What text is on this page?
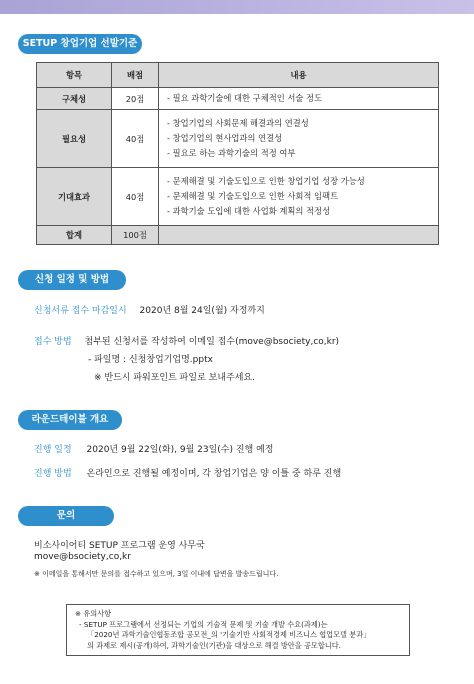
SETUP 창업기업 선발기준
항목	배점	내용
구체성	20점	- 필요 과학기술에 대한 구체적인 서술 정도

필요성	40점	- 창업기업의 사회문제 해결과의 연결성
- 창업기업의 현사업과의 연결성
- 필요로 하는 과학기술의 적정 여부

기대효과	40점	- 문제해결 및 기술도입으로 인한 창업기업 성장 가능성
- 문제해결 및 기술도입으로 인한 사회적 임팩트
- 과학기술 도입에 대한 사업화 계획의 적정성

합계	100점	
신청 일정 및 방법
신청서류 접수 마감일시 2020년 8월 24일(월) 자정까지
접수 방법 첨부된 신청서를 작성하여 이메일 접수(move@bsociety,co,kr)
- 파일명 : 신청창업기업명.pptx
※ 반드시 파워포인트 파일로 보내주세요.
라운드테이블 개요
진행 일정 2020년 9월 22일(화), 9월 23일(수) 진행 예정
진행 방법 온라인으로 진행될 예정이며, 각 창업기업은 양 이틀 중 하루 진행
문의
비소사이어티 SETUP 프로그램 운영 사무국
move@bsociety,co,kr
※ 이메일을 통해서만 문의를 접수하고 있으며, 3일 이내에 답변을 발송드립니다.
※ 유의사항
- SETUP 프로그램에서 선정되는 기업의 기술적 문제 및 기술 개발 수요(과제)는
「2020년 과학기술인협동조합 공모전_의 '기술기반 사회적경제 비즈니스 협업모델 분과」
의 과제로 제시(공개)하여, 과학기술인(기관)을 대상으로 해결 방안을 공모합니다.
